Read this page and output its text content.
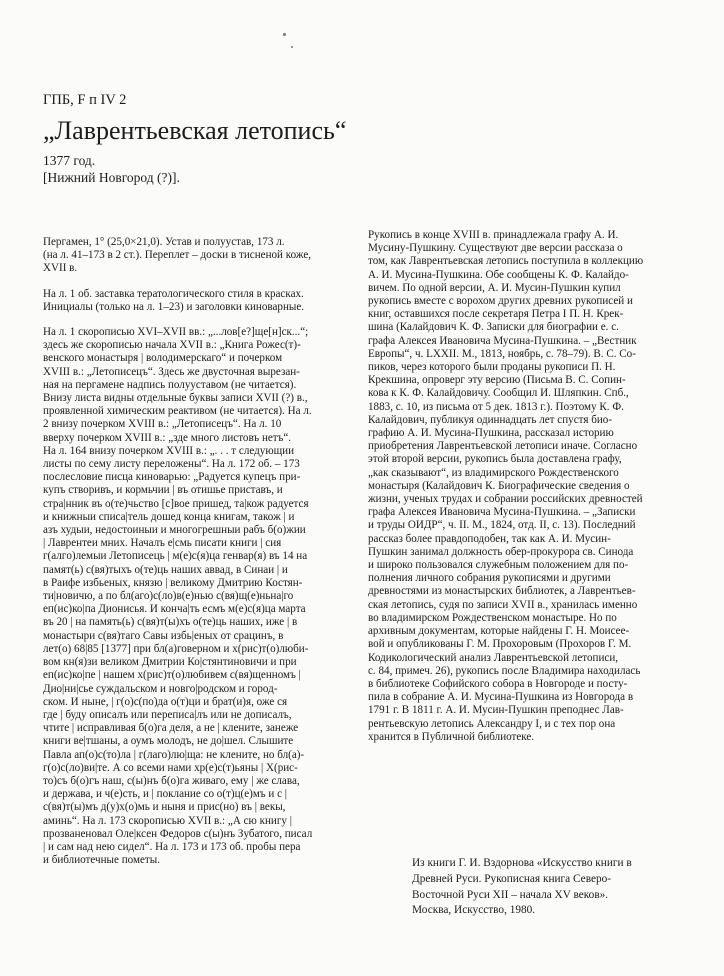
ГПБ, F п IV 2
„Лаврентьевская летопись“
1377 год.
[Нижний Новгород (?)].

Пергамен, 1° (25,0×21,0). Устав и полуустав, 173 л.
(на л. 41–173 в 2 ст.). Переплет – доски в тисненой коже,
XVII в.

На л. 1 об. заставка тератологического стиля в красках.
Инициалы (только на л. 1–23) и заголовки киноварные.

На л. 1 скорописью XVI–XVII вв.: „...лов[е?]щe[н]ск...“;
здесь же скорописью начала XVII в.: „Книга Рожес(т)-
венского монастыря | володимерскаго“ и почерком
XVIII в.: „Летописецъ“. Здесь же двусточная вырезан-
ная на пергамене надпись полууставом (не читается).
Внизу листа видны отдельные буквы записи XVII (?) в.,
проявленной химическим реактивом (не читается). На л.
2 внизу почерком XVIII в.: „Летописецъ“. На л. 10
вверху почерком XVIII в.: „зде много листовъ нетъ“.
На л. 164 внизу почерком XVIII в.: „. . . т следующии
листы по сему листу переложены“. На л. 172 об. – 173
послесловие писца киноварью: „Радуется купецъ при-
купъ створивъ, и кормьчии | въ отишье приставъ, и
стра|нник въ о(те)чьство [с]вое пришед, та|кож радуется
и книжныи списа|тель дошед конца книгам, також | и
азъ худыи, недостоиныи и многогрешныи рабъ б(о)жии
| Лаврентеи мних. Началъ е|смь писати книги | сия
г(алгo)лемыи Летописець | м(е)с(я)ца генвар(я) въ 14 на
памят(ь) с(вя)тыхъ о(те)ць наших аввад, в Синаи | и
в Раифе избьеных, князю | великому Дмитрию Костян-
ти|новичю, а по бл(аго)с(ло)в(е)нью с(вя)щ(е)ньна|го
еп(ис)ко|па Дионисья. И конча|ть есмъ м(е)с(я)ца марта
въ 20 | на память(ь) с(вя)т(ы)хъ о(те)ць наших, иже | в
монастыри с(вя)таго Савы избь|еных от срацинъ, в
лет(о) 68|85 [1377] при бл(а)говерном и х(рис)т(о)люби-
вом кн(я)зи великом Дмитрии Ко|стянтиновичи и при
еп(ис)ко|пе | нашем х(рис)т(о)любивем с(вя)щенномъ |
Дио|ни|сье суждальском и новго|родском и город-
ском. И ныне, | г(о)с(по)да о(т)ци и брат(и)я, оже ся
где | буду описалъ или переписа|лъ или не дописалъ,
чтите | исправливая б(о)га деля, а не | клените, занеже
книги ве|тшаны, а оумъ молодъ, не до|шел. Слышите
Павла ап(о)с(то)ла | г(лаго)лю|ща: не клените, но бл(а)-
г(о)с(ло)ви|те. А со всеми нами хр(е)с(т)ьяны | Х(рис-
то)съ б(о)гъ наш, с(ы)нъ б(о)га живаго, ему | же слава,
и держава, и ч(е)сть, и | поклание со о(т)ц(е)мъ и с |
с(вя)т(ы)мъ д(у)х(о)мь и ныня и прис(но) въ | векы,
аминь“. На л. 173 скорописью XVII в.: „А сю книгу |
прозвaненовал Оле|ксен Федоров с(ы)нъ Зубатого, писал
| и сам над нею сидел“. На л. 173 и 173 об. пробы пера
и библиотечные пометы.

Рукопись в конце XVIII в. принадлежала графу А. И.
Мусину-Пушкину. Существуют две версии рассказа о
том, как Лаврентьевская летопись поступила в коллекцию
А. И. Мусина-Пушкина. Обе сообщены К. Ф. Калайдо-
вичем. По одной версии, А. И. Мусин-Пушкин купил
рукопись вместе с ворохом других древних рукописей и
книг, оставшихся после секретаря Петра I П. Н. Крек-
шина (Калайдович К. Ф. Записки для биографии е. с.
графа Алексея Ивановича Мусина-Пушкина. – „Вестник
Европы“, ч. LXXII. М., 1813, ноябрь, с. 78–79). В. С. Со-
пиков, через которого были проданы рукописи П. Н.
Крекшина, опроверг эту версию (Письма В. С. Сопин-
кова к К. Ф. Калайдовичу. Сообщил И. Шляпкин. Спб.,
1883, с. 10, из письма от 5 дек. 1813 г.). Поэтому К. Ф.
Калайдович, публикуя одиннадцать лет спустя био-
графию А. И. Мусина-Пушкина, рассказал историю
приобретения Лаврентьевской летописи иначе. Согласно
этой второй версии, рукопись была доставлена графу,
„как сказывают“, из владимирского Рождественского
монастыря (Калайдович К. Биографические сведения о
жизни, ученых трудах и собрании российских древностей
графа Алексея Ивановича Мусина-Пушкина. – „Записки
и труды ОИДР“, ч. II. М., 1824, отд. II, с. 13). Последний
рассказ более правдоподобен, так как А. И. Мусин-
Пушкин занимал должность обер-прокурора св. Синода
и широко пользовался служебным положением для по-
полнения личного собрания рукописями и другими
древностями из монастырских библиотек, а Лаврентьев-
ская летопись, судя по записи XVII в., хранилась именно
во владимирском Рождественском монастыре. Но по
архивным документам, которые найдены Г. Н. Моисее-
вой и опубликованы Г. М. Прохоровым (Прохоров Г. М.
Кодикологический анализ Лаврентьевской летописи,
с. 84, примеч. 26), рукопись после Владимира находилась
в библиотеке Софийского собора в Новгороде и посту-
пила в собрание А. И. Мусина-Пушкина из Новгорода в
1791 г. В 1811 г. А. И. Мусин-Пушкин преподнес Лав-
рентьевскую летопись Александру I, и с тех пор она
хранится в Публичной библиотеке.

Из книги Г. И. Вздорнова «Искусство книги в
Древней Руси. Рукописная книга Северо-
Восточной Руси XII – начала XV веков».
Москва, Искусство, 1980.
